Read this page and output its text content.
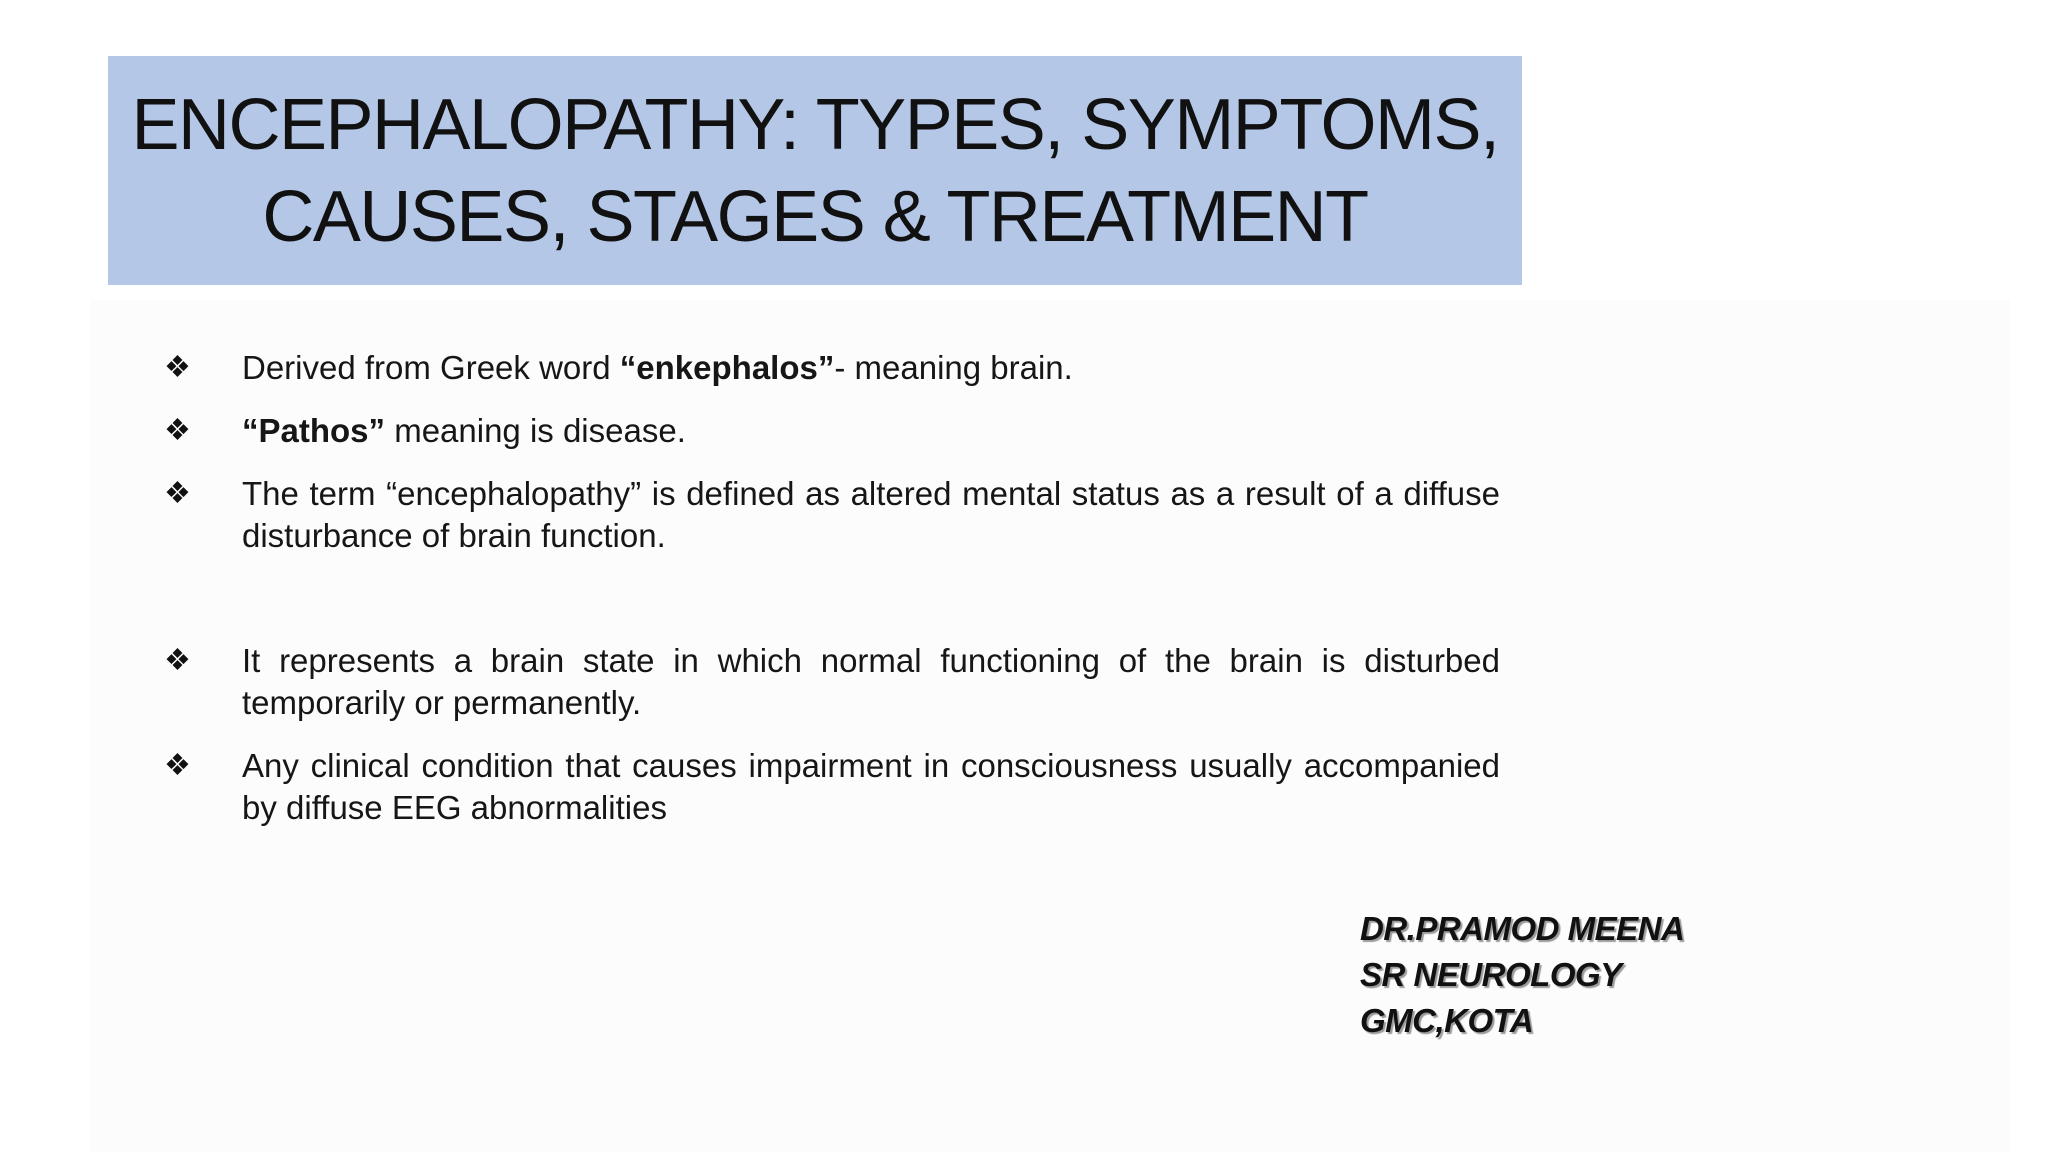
ENCEPHALOPATHY: TYPES, SYMPTOMS,
CAUSES, STAGES & TREATMENT
❖ Derived from Greek word “enkephalos”- meaning brain.
❖ “Pathos” meaning is disease.
❖ The term “encephalopathy” is defined as altered mental status as a result of a diffuse disturbance of brain function.
❖ It represents a brain state in which normal functioning of the brain is disturbed temporarily or permanently.
❖ Any clinical condition that causes impairment in consciousness usually accompanied by diffuse EEG abnormalities
DR.PRAMOD MEENA
SR NEUROLOGY
GMC,KOTA
